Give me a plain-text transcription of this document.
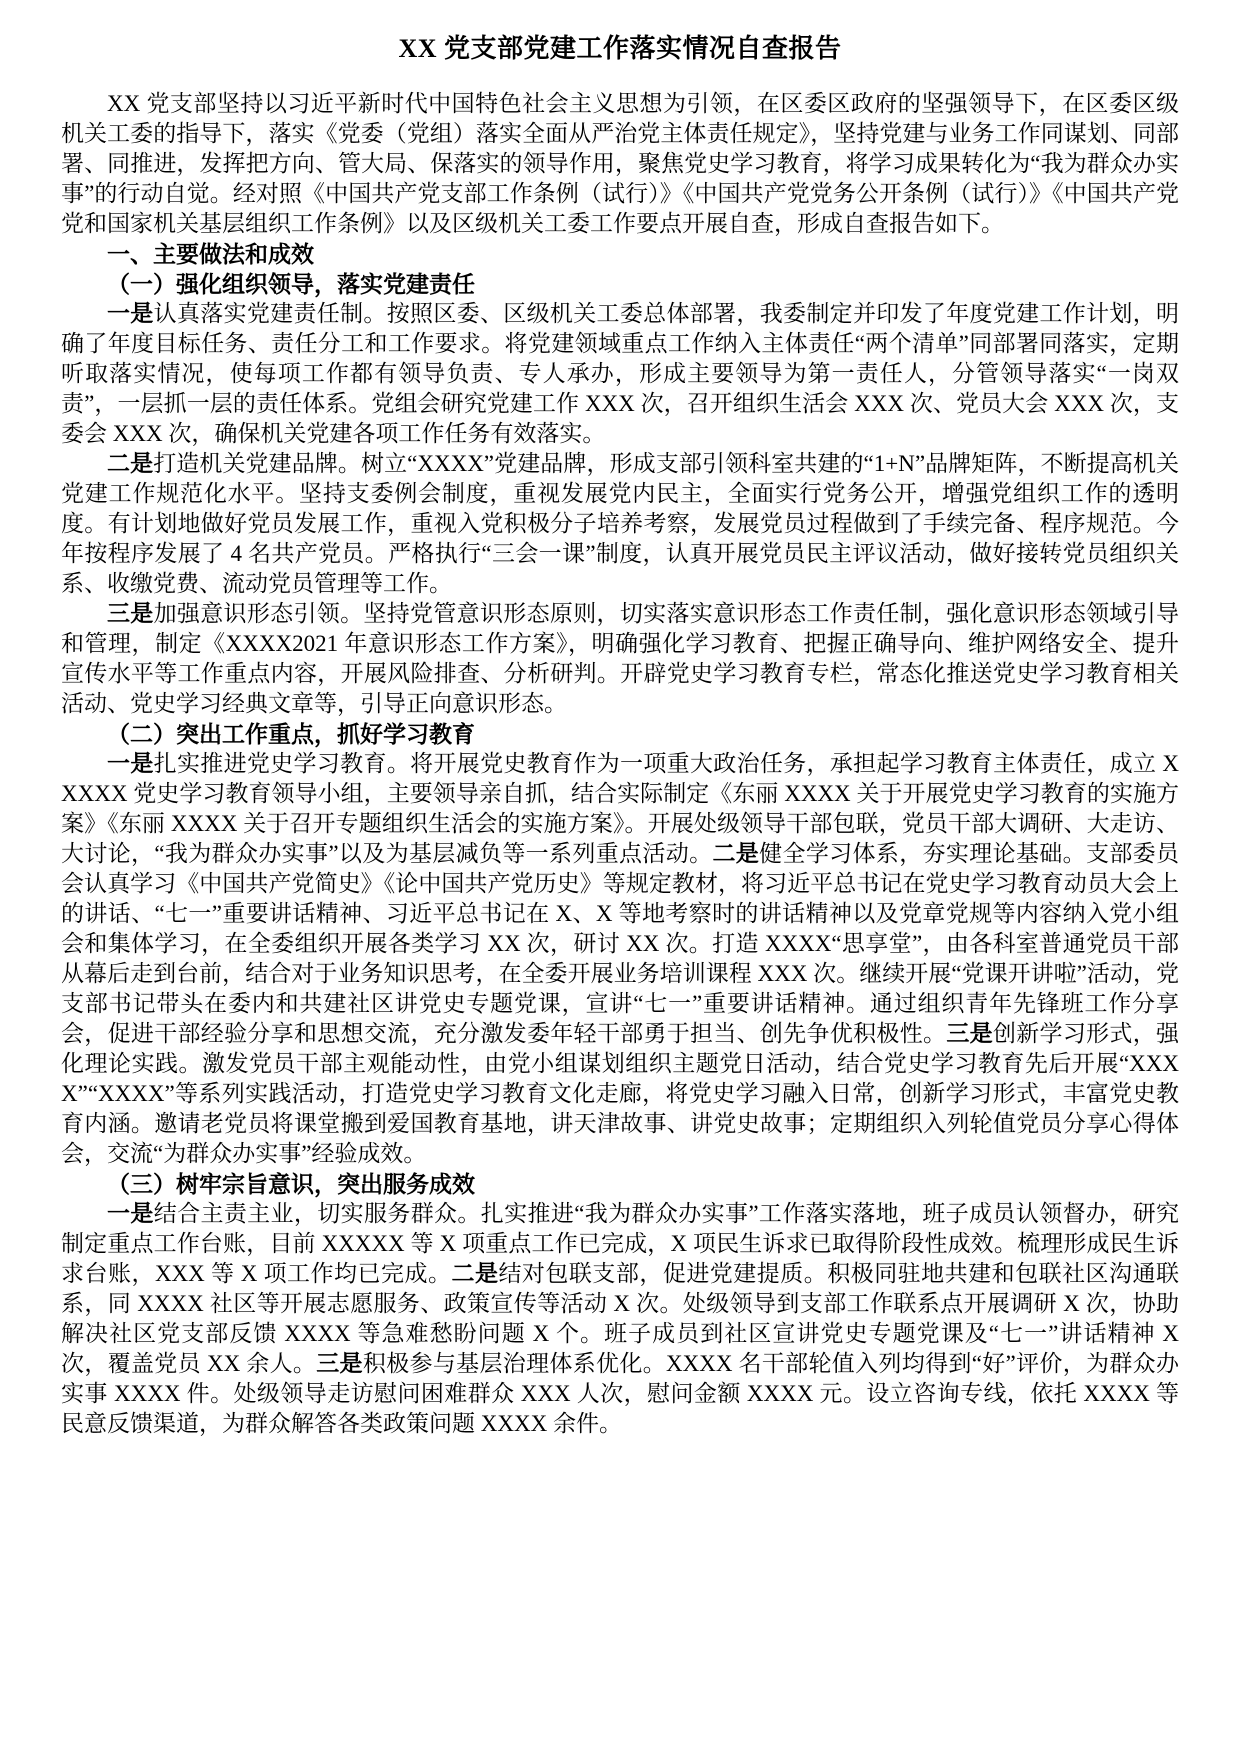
XX 党支部党建工作落实情况自查报告

XX 党支部坚持以习近平新时代中国特色社会主义思想为引领，在区委区政府的坚强领导下，在区委区级机关工委的指导下，落实《党委（党组）落实全面从严治党主体责任规定》，坚持党建与业务工作同谋划、同部署、同推进，发挥把方向、管大局、保落实的领导作用，聚焦党史学习教育，将学习成果转化为“我为群众办实事”的行动自觉。经对照《中国共产党支部工作条例（试行）》《中国共产党党务公开条例（试行）》《中国共产党党和国家机关基层组织工作条例》以及区级机关工委工作要点开展自查，形成自查报告如下。

一、主要做法和成效

（一）强化组织领导，落实党建责任

一是认真落实党建责任制。按照区委、区级机关工委总体部署，我委制定并印发了年度党建工作计划，明确了年度目标任务、责任分工和工作要求。将党建领域重点工作纳入主体责任“两个清单”同部署同落实，定期听取落实情况，使每项工作都有领导负责、专人承办，形成主要领导为第一责任人，分管领导落实“一岗双责”，一层抓一层的责任体系。党组会研究党建工作 XXX 次，召开组织生活会 XXX 次、党员大会 XXX 次，支委会 XXX 次，确保机关党建各项工作任务有效落实。

二是打造机关党建品牌。树立“XXXX”党建品牌，形成支部引领科室共建的“1+N”品牌矩阵，不断提高机关党建工作规范化水平。坚持支委例会制度，重视发展党内民主，全面实行党务公开，增强党组织工作的透明度。有计划地做好党员发展工作，重视入党积极分子培养考察，发展党员过程做到了手续完备、程序规范。今年按程序发展了 4 名共产党员。严格执行“三会一课”制度，认真开展党员民主评议活动，做好接转党员组织关系、收缴党费、流动党员管理等工作。

三是加强意识形态引领。坚持党管意识形态原则，切实落实意识形态工作责任制，强化意识形态领域引导和管理，制定《XXXX2021 年意识形态工作方案》，明确强化学习教育、把握正确导向、维护网络安全、提升宣传水平等工作重点内容，开展风险排查、分析研判。开辟党史学习教育专栏，常态化推送党史学习教育相关活动、党史学习经典文章等，引导正向意识形态。

（二）突出工作重点，抓好学习教育

一是扎实推进党史学习教育。将开展党史教育作为一项重大政治任务，承担起学习教育主体责任，成立 XXXXX 党史学习教育领导小组，主要领导亲自抓，结合实际制定《东丽 XXXX 关于开展党史学习教育的实施方案》《东丽 XXXX 关于召开专题组织生活会的实施方案》。开展处级领导干部包联，党员干部大调研、大走访、大讨论，“我为群众办实事”以及为基层减负等一系列重点活动。二是健全学习体系，夯实理论基础。支部委员会认真学习《中国共产党简史》《论中国共产党历史》等规定教材，将习近平总书记在党史学习教育动员大会上的讲话、“七一”重要讲话精神、习近平总书记在 X、X 等地考察时的讲话精神以及党章党规等内容纳入党小组会和集体学习，在全委组织开展各类学习 XX 次，研讨 XX 次。打造 XXXX“思享堂”，由各科室普通党员干部从幕后走到台前，结合对于业务知识思考，在全委开展业务培训课程 XXX 次。继续开展“党课开讲啦”活动，党支部书记带头在委内和共建社区讲党史专题党课，宣讲“七一”重要讲话精神。通过组织青年先锋班工作分享会，促进干部经验分享和思想交流，充分激发委年轻干部勇于担当、创先争优积极性。三是创新学习形式，强化理论实践。激发党员干部主观能动性，由党小组谋划组织主题党日活动，结合党史学习教育先后开展“XXXX”“XXXX”等系列实践活动，打造党史学习教育文化走廊，将党史学习融入日常，创新学习形式，丰富党史教育内涵。邀请老党员将课堂搬到爱国教育基地，讲天津故事、讲党史故事；定期组织入列轮值党员分享心得体会，交流“为群众办实事”经验成效。

（三）树牢宗旨意识，突出服务成效

一是结合主责主业，切实服务群众。扎实推进“我为群众办实事”工作落实落地，班子成员认领督办，研究制定重点工作台账，目前 XXXXX 等 X 项重点工作已完成，X 项民生诉求已取得阶段性成效。梳理形成民生诉求台账，XXX 等 X 项工作均已完成。二是结对包联支部，促进党建提质。积极同驻地共建和包联社区沟通联系，同 XXXX 社区等开展志愿服务、政策宣传等活动 X 次。处级领导到支部工作联系点开展调研 X 次，协助解决社区党支部反馈 XXXX 等急难愁盼问题 X 个。班子成员到社区宣讲党史专题党课及“七一”讲话精神 X 次，覆盖党员 XX 余人。三是积极参与基层治理体系优化。XXXX 名干部轮值入列均得到“好”评价，为群众办实事 XXXX 件。处级领导走访慰问困难群众 XXX 人次，慰问金额 XXXX 元。设立咨询专线，依托 XXXX 等民意反馈渠道，为群众解答各类政策问题 XXXX 余件。
